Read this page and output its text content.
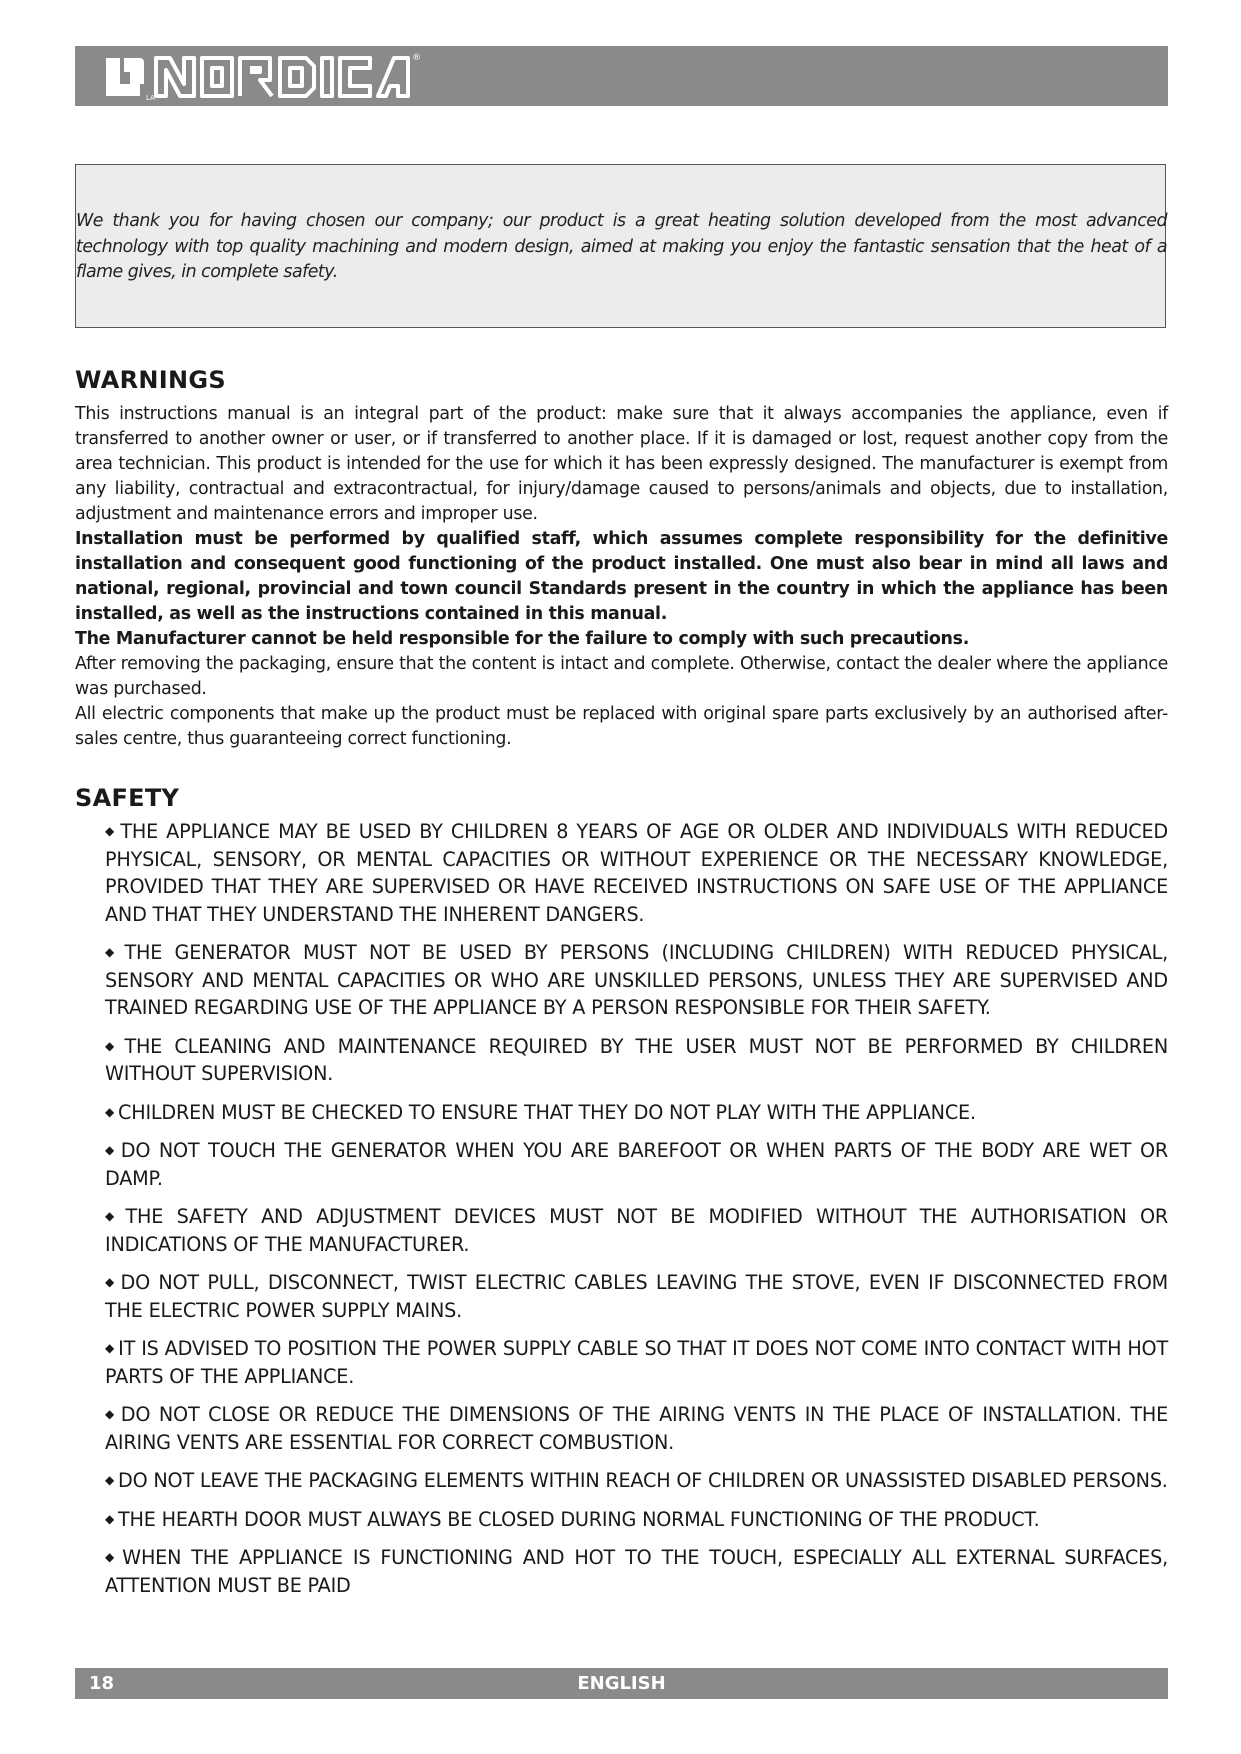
LA
®
We thank you for having chosen our company; our product is a great heating solution developed from the most advanced technology with top quality machining and modern design, aimed at making you enjoy the fantastic sensation that the heat of a flame gives, in complete safety.
WARNINGS

This instructions manual is an integral part of the product: make sure that it always accompanies the appliance, even if transferred to another owner or user, or if transferred to another place. If it is damaged or lost, request another copy from the area technician. This product is intended for the use for which it has been expressly designed. The manufacturer is exempt from any liability, contractual and extracontractual, for injury/damage caused to persons/animals and objects, due to installation, adjustment and maintenance errors and improper use.

Installation must be performed by qualified staff, which assumes complete responsibility for the definitive installation and consequent good functioning of the product installed. One must also bear in mind all laws and national, regional, provincial and town council Standards present in the country in which the appliance has been installed, as well as the instructions contained in this manual.

The Manufacturer cannot be held responsible for the failure to comply with such precautions.

After removing the packaging, ensure that the content is intact and complete. Otherwise, contact the dealer where the appliance was purchased.

All electric components that make up the product must be replaced with original spare parts exclusively by an authorised after-sales centre, thus guaranteeing correct functioning.

SAFETY
◆ THE APPLIANCE MAY BE USED BY CHILDREN 8 YEARS OF AGE OR OLDER AND INDIVIDUALS WITH REDUCED PHYSICAL, SENSORY, OR MENTAL CAPACITIES OR WITHOUT EXPERIENCE OR THE NECESSARY KNOWLEDGE, PROVIDED THAT THEY ARE SUPERVISED OR HAVE RECEIVED INSTRUCTIONS ON SAFE USE OF THE APPLIANCE AND THAT THEY UNDERSTAND THE INHERENT DANGERS.
◆ THE GENERATOR MUST NOT BE USED BY PERSONS (INCLUDING CHILDREN) WITH REDUCED PHYSICAL, SENSORY AND MENTAL CAPACITIES OR WHO ARE UNSKILLED PERSONS, UNLESS THEY ARE SUPERVISED AND TRAINED REGARDING USE OF THE APPLIANCE BY A PERSON RESPONSIBLE FOR THEIR SAFETY.
◆ THE CLEANING AND MAINTENANCE REQUIRED BY THE USER MUST NOT BE PERFORMED BY CHILDREN WITHOUT SUPERVISION.
◆ CHILDREN MUST BE CHECKED TO ENSURE THAT THEY DO NOT PLAY WITH THE APPLIANCE.
◆ DO NOT TOUCH THE GENERATOR WHEN YOU ARE BAREFOOT OR WHEN PARTS OF THE BODY ARE WET OR DAMP.
◆ THE SAFETY AND ADJUSTMENT DEVICES MUST NOT BE MODIFIED WITHOUT THE AUTHORISATION OR INDICATIONS OF THE MANUFACTURER.
◆ DO NOT PULL, DISCONNECT, TWIST ELECTRIC CABLES LEAVING THE STOVE, EVEN IF DISCONNECTED FROM THE ELECTRIC POWER SUPPLY MAINS.
◆ IT IS ADVISED TO POSITION THE POWER SUPPLY CABLE SO THAT IT DOES NOT COME INTO CONTACT WITH HOT PARTS OF THE APPLIANCE.
◆ DO NOT CLOSE OR REDUCE THE DIMENSIONS OF THE AIRING VENTS IN THE PLACE OF INSTALLATION. THE AIRING VENTS ARE ESSENTIAL FOR CORRECT COMBUSTION.
◆ DO NOT LEAVE THE PACKAGING ELEMENTS WITHIN REACH OF CHILDREN OR UNASSISTED DISABLED PERSONS.
◆ THE HEARTH DOOR MUST ALWAYS BE CLOSED DURING NORMAL FUNCTIONING OF THE PRODUCT.
◆ WHEN THE APPLIANCE IS FUNCTIONING AND HOT TO THE TOUCH, ESPECIALLY ALL EXTERNAL SURFACES, ATTENTION MUST BE PAID
18	ENGLISH
